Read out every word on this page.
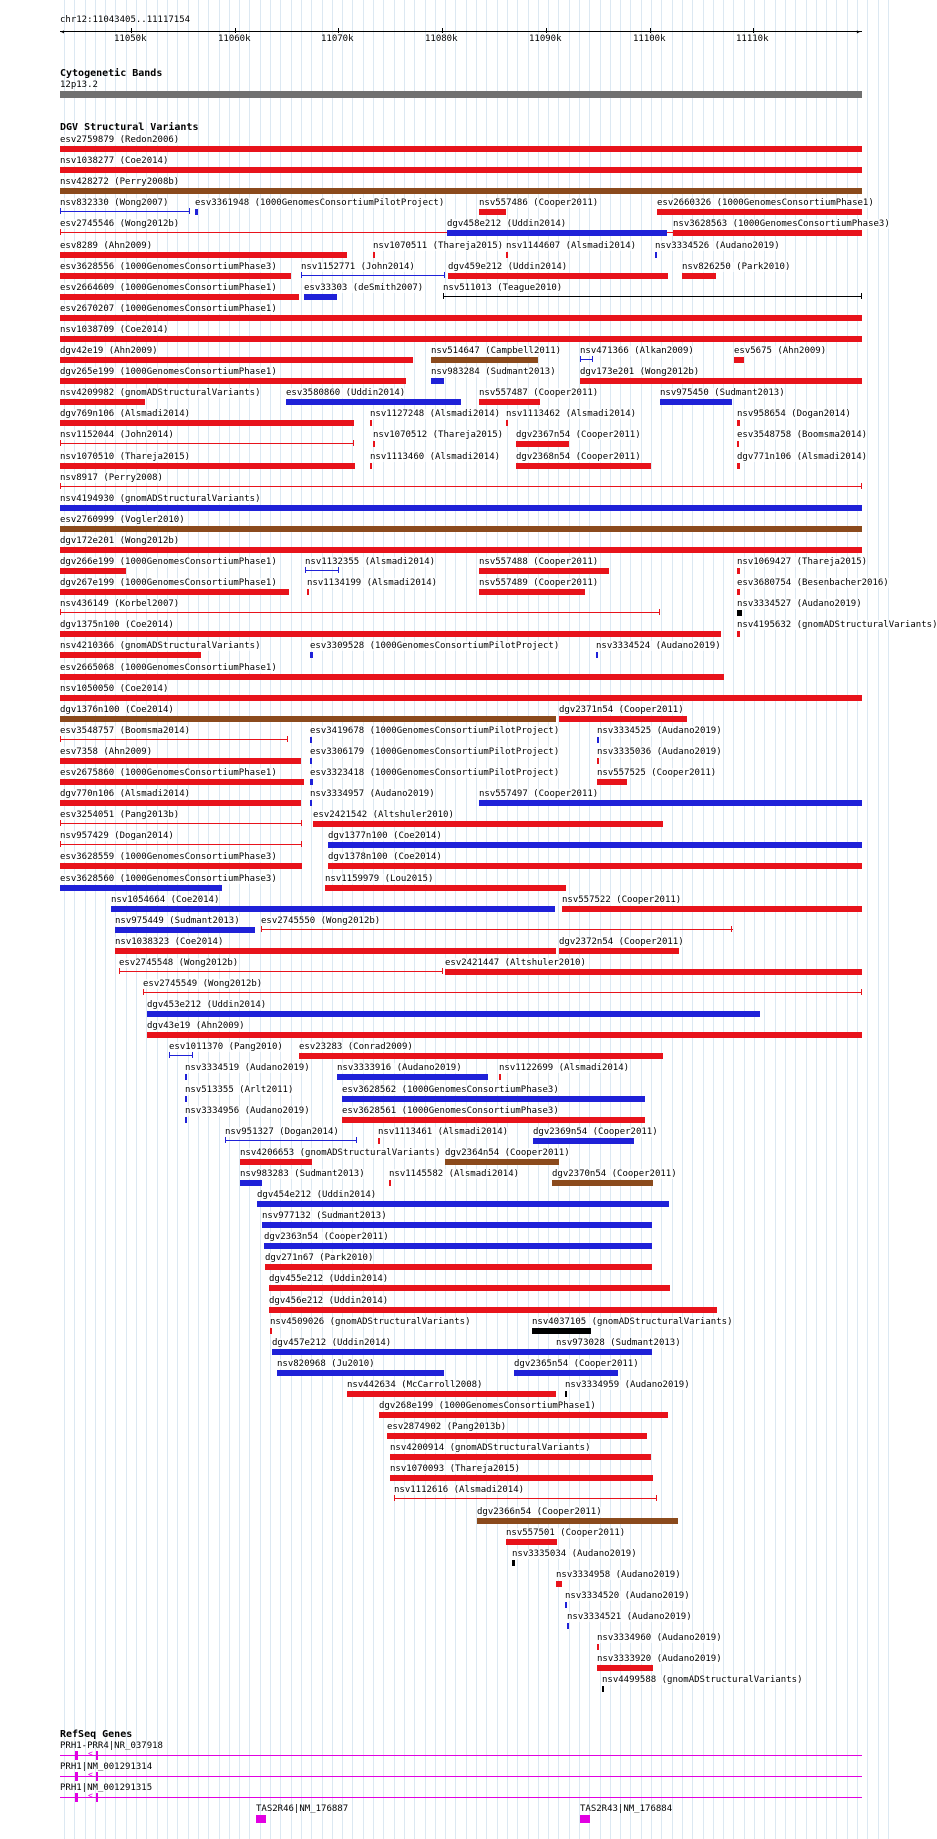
chr12:11043405..11117154
◂	▸
11050k	11060k	11070k	11080k	11090k	11100k	11110k
Cytogenetic Bands
12p13.2
DGV Structural Variants
esv2759879 (Redon2006)
nsv1038277 (Coe2014)
nsv428272 (Perry2008b)
nsv832330 (Wong2007)	esv3361948 (1000GenomesConsortiumPilotProject)	nsv557486 (Cooper2011)	esv2660326 (1000GenomesConsortiumPhase1)
esv2745546 (Wong2012b)	dgv458e212 (Uddin2014)	nsv3628563 (1000GenomesConsortiumPhase3)
esv8289 (Ahn2009)	nsv1070511 (Thareja2015) nsv1144607 (Alsmadi2014) nsv3334526 (Audano2019)
esv3628556 (1000GenomesConsortiumPhase3)	nsv1152771 (John2014)	dgv459e212 (Uddin2014)	nsv826250 (Park2010)
esv2664609 (1000GenomesConsortiumPhase1)	esv33303 (deSmith2007) nsv511013 (Teague2010)
esv2670207 (1000GenomesConsortiumPhase1)
nsv1038709 (Coe2014)
dgv42e19 (Ahn2009)	nsv514647 (Campbell2011) nsv471366 (Alkan2009)	esv5675 (Ahn2009)
dgv265e199 (1000GenomesConsortiumPhase1)	nsv983284 (Sudmant2013)	dgv173e201 (Wong2012b)
nsv4209982 (gnomADStructuralVariants)	esv3580860 (Uddin2014)	nsv557487 (Cooper2011)	nsv975450 (Sudmant2013)
dgv769n106 (Alsmadi2014)	nsv1127248 (Alsmadi2014) nsv1113462 (Alsmadi2014)	nsv958654 (Dogan2014)
nsv1152044 (John2014)	nsv1070512 (Thareja2015) dgv2367n54 (Cooper2011)	esv3548758 (Boomsma2014)
nsv1070510 (Thareja2015)	nsv1113460 (Alsmadi2014) dgv2368n54 (Cooper2011)	dgv771n106 (Alsmadi2014)
nsv8917 (Perry2008)
nsv4194930 (gnomADStructuralVariants)
esv2760999 (Vogler2010)
dgv172e201 (Wong2012b)
dgv266e199 (1000GenomesConsortiumPhase1)	nsv1132355 (Alsmadi2014)	nsv557488 (Cooper2011)	nsv1069427 (Thareja2015)
dgv267e199 (1000GenomesConsortiumPhase1)	nsv1134199 (Alsmadi2014)	nsv557489 (Cooper2011)	esv3680754 (Besenbacher2016)
nsv436149 (Korbel2007)	nsv3334527 (Audano2019)
dgv1375n100 (Coe2014)	nsv4195632 (gnomADStructuralVariants)
nsv4210366 (gnomADStructuralVariants)	esv3309528 (1000GenomesConsortiumPilotProject)	nsv3334524 (Audano2019)
esv2665068 (1000GenomesConsortiumPhase1)
nsv1050050 (Coe2014)
dgv1376n100 (Coe2014)	dgv2371n54 (Cooper2011)
esv3548757 (Boomsma2014)	esv3419678 (1000GenomesConsortiumPilotProject)	nsv3334525 (Audano2019)
esv7358 (Ahn2009)	esv3306179 (1000GenomesConsortiumPilotProject)	nsv3335036 (Audano2019)
esv2675860 (1000GenomesConsortiumPhase1)	esv3323418 (1000GenomesConsortiumPilotProject)	nsv557525 (Cooper2011)
dgv770n106 (Alsmadi2014)	nsv3334957 (Audano2019)	nsv557497 (Cooper2011)
esv3254051 (Pang2013b)	esv2421542 (Altshuler2010)
nsv957429 (Dogan2014)	dgv1377n100 (Coe2014)
esv3628559 (1000GenomesConsortiumPhase3)	dgv1378n100 (Coe2014)
esv3628560 (1000GenomesConsortiumPhase3)	nsv1159979 (Lou2015)
nsv1054664 (Coe2014)	nsv557522 (Cooper2011)
nsv975449 (Sudmant2013) esv2745550 (Wong2012b)
nsv1038323 (Coe2014)	dgv2372n54 (Cooper2011)
esv2745548 (Wong2012b)	esv2421447 (Altshuler2010)
esv2745549 (Wong2012b)
dgv453e212 (Uddin2014)
dgv43e19 (Ahn2009)
esv1011370 (Pang2010) esv23283 (Conrad2009)
nsv3334519 (Audano2019)	nsv3333916 (Audano2019)	nsv1122699 (Alsmadi2014)
nsv513355 (Arlt2011)	esv3628562 (1000GenomesConsortiumPhase3)
nsv3334956 (Audano2019)	esv3628561 (1000GenomesConsortiumPhase3)
nsv951327 (Dogan2014)	nsv1113461 (Alsmadi2014)	dgv2369n54 (Cooper2011)
nsv4206653 (gnomADStructuralVariants) dgv2364n54 (Cooper2011)
nsv983283 (Sudmant2013)	nsv1145582 (Alsmadi2014)	dgv2370n54 (Cooper2011)
dgv454e212 (Uddin2014)
nsv977132 (Sudmant2013)
dgv2363n54 (Cooper2011)
dgv271n67 (Park2010)
dgv455e212 (Uddin2014)
dgv456e212 (Uddin2014)
nsv4509026 (gnomADStructuralVariants)	nsv4037105 (gnomADStructuralVariants)
dgv457e212 (Uddin2014)	nsv973028 (Sudmant2013)
nsv820968 (Ju2010)	dgv2365n54 (Cooper2011)
nsv442634 (McCarroll2008)	nsv3334959 (Audano2019)
dgv268e199 (1000GenomesConsortiumPhase1)
esv2874902 (Pang2013b)
nsv4200914 (gnomADStructuralVariants)
nsv1070093 (Thareja2015)
nsv1112616 (Alsmadi2014)
dgv2366n54 (Cooper2011)
nsv557501 (Cooper2011)
nsv3335034 (Audano2019)
nsv3334958 (Audano2019)
nsv3334520 (Audano2019)
nsv3334521 (Audano2019)
nsv3334960 (Audano2019)
nsv3333920 (Audano2019)
nsv4499588 (gnomADStructuralVariants)
RefSeq Genes
PRH1-PRR4|NR_037918
<
PRH1|NM_001291314
<
PRH1|NM_001291315
<
TAS2R46|NM_176887	TAS2R43|NM_176884
